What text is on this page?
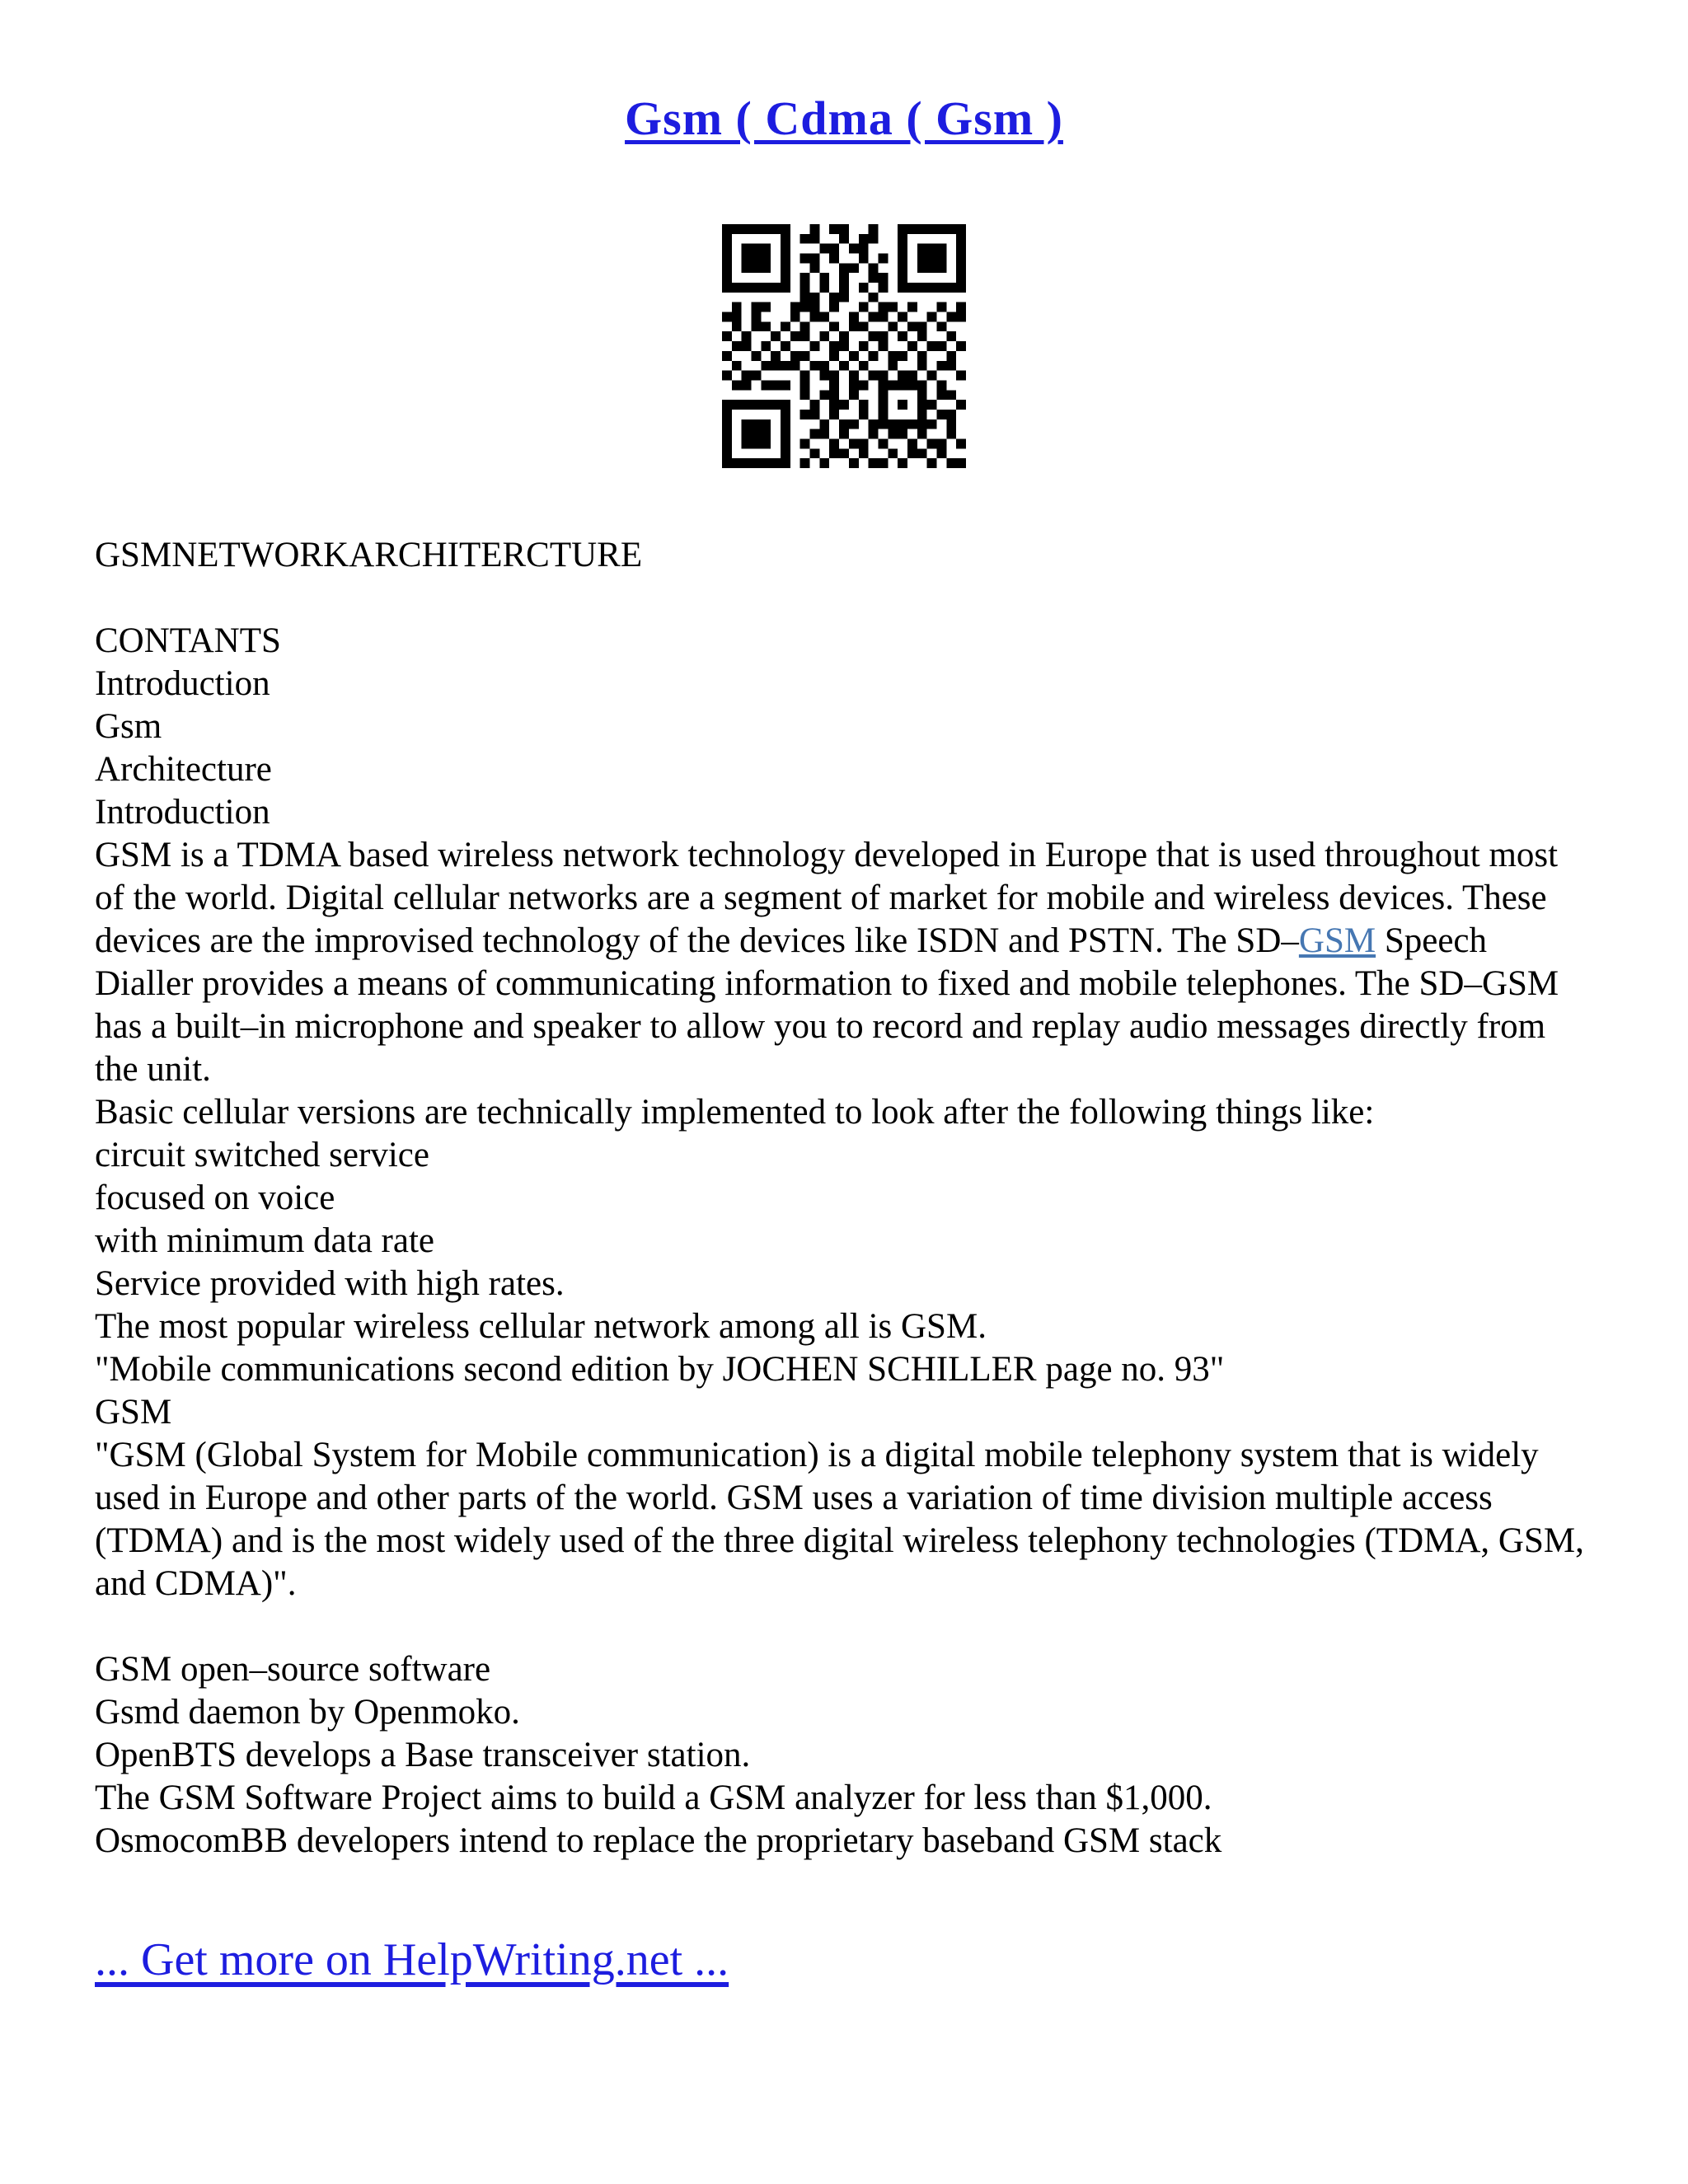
Gsm ( Cdma ( Gsm )
GSMNETWORKARCHITERCTURE
CONTANTS
Introduction
Gsm
Architecture
Introduction
GSM is a TDMA based wireless network technology developed in Europe that is used throughout most of the world. Digital cellular networks are a segment of market for mobile and wireless devices. These devices are the improvised technology of the devices like ISDN and PSTN. The SD–GSM Speech Dialler provides a means of communicating information to fixed and mobile telephones. The SD–GSM has a built–in microphone and speaker to allow you to record and replay audio messages directly from the unit.
Basic cellular versions are technically implemented to look after the following things like:
circuit switched service
focused on voice
with minimum data rate
Service provided with high rates.
The most popular wireless cellular network among all is GSM.
"Mobile communications second edition by JOCHEN SCHILLER page no. 93"
GSM
"GSM (Global System for Mobile communication) is a digital mobile telephony system that is widely used in Europe and other parts of the world. GSM uses a variation of time division multiple access (TDMA) and is the most widely used of the three digital wireless telephony technologies (TDMA, GSM, and CDMA)".
GSM open–source software
Gsmd daemon by Openmoko.
OpenBTS develops a Base transceiver station.
The GSM Software Project aims to build a GSM analyzer for less than $1,000.
OsmocomBB developers intend to replace the proprietary baseband GSM stack
... Get more on HelpWriting.net ...
